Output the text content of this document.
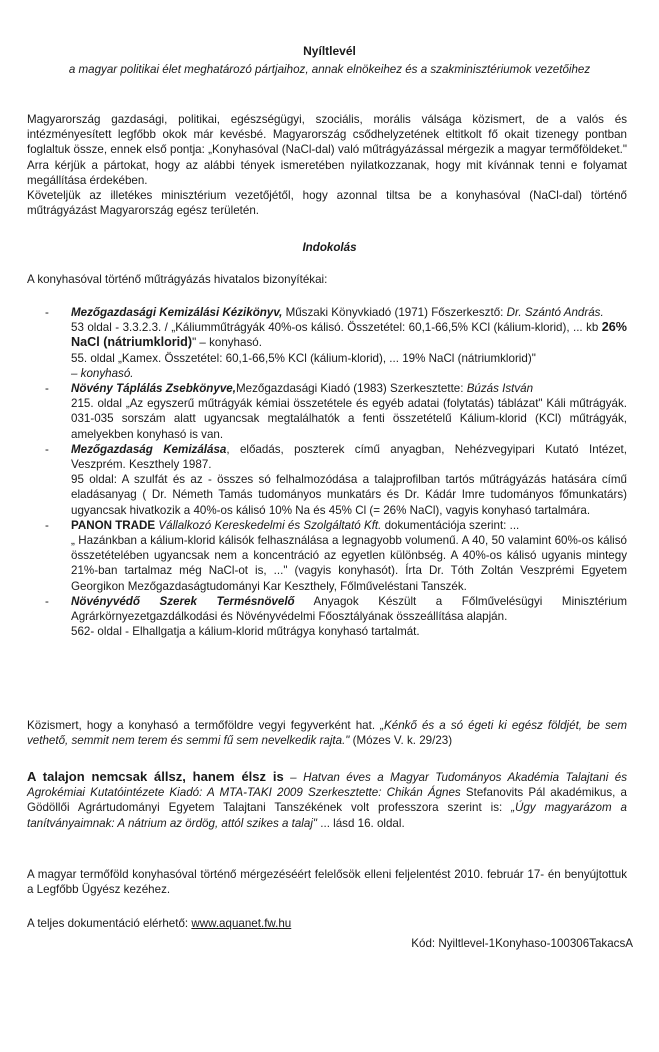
Nyíltlevél
a magyar politikai élet meghatározó pártjaihoz, annak elnökeihez és a szakminisztériumok vezetőihez

Magyarország gazdasági, politikai, egészségügyi, szociális, morális válsága közismert, de a valós és intézményesített legfőbb okok már kevésbé. Magyarország csődhelyzetének eltitkolt fő okait tizenegy pontban foglaltuk össze, ennek első pontja: „Konyhasóval (NaCl-dal) való műtrágyázással mérgezik a magyar termőföldeket." Arra kérjük a pártokat, hogy az alábbi tények ismeretében nyilatkozzanak, hogy mit kívánnak tenni e folyamat megállítása érdekében.

Követeljük az illetékes minisztérium vezetőjétől, hogy azonnal tiltsa be a konyhasóval (NaCl-dal) történő műtrágyázást Magyarország egész területén.

Indokolás
A konyhasóval történő műtrágyázás hivatalos bizonyítékai:
- Mezőgazdasági Kemizálási Kézikönyv, Műszaki Könyvkiadó (1971) Főszerkesztő: Dr. Szántó András.
53 oldal - 3.3.2.3. / „Káliumműtrágyák 40%-os kálisó. Összetétel: 60,1-66,5% KCl (kálium-klorid), ... kb 26% NaCl (nátriumklorid)" – konyhasó.
55. oldal „Kamex. Összetétel: 60,1-66,5% KCl (kálium-klorid), ... 19% NaCl (nátriumklorid)"
– konyhasó.
- Növény Táplálás Zsebkönyve,Mezőgazdasági Kiadó (1983) Szerkesztette: Búzás István
215. oldal „Az egyszerű műtrágyák kémiai összetétele és egyéb adatai (folytatás) táblázat" Káli műtrágyák. 031-035 sorszám alatt ugyancsak megtalálhatók a fenti összetételű Kálium-klorid (KCl) műtrágyák, amelyekben konyhasó is van.
- Mezőgazdaság Kemizálása, előadás, poszterek című anyagban, Nehézvegyipari Kutató Intézet, Veszprém. Keszthely 1987.
95 oldal: A szulfát és az - összes só felhalmozódása a talajprofilban tartós műtrágyázás hatására című eladásanyag ( Dr. Németh Tamás tudományos munkatárs és Dr. Kádár Imre tudományos főmunkatárs) ugyancsak hivatkozik a 40%-os kálisó 10% Na és 45% Cl (= 26% NaCl), vagyis konyhasó tartalmára.
- PANON TRADE Vállalkozó Kereskedelmi és Szolgáltató Kft. dokumentációja szerint: ...
„ Hazánkban a kálium-klorid kálisók felhasználása a legnagyobb volumenű. A 40, 50 valamint 60%-os kálisó összetételében ugyancsak nem a koncentráció az egyetlen különbség. A 40%-os kálisó ugyanis mintegy 21%-ban tartalmaz még NaCl-ot is, ..." (vagyis konyhasót). Írta Dr. Tóth Zoltán Veszprémi Egyetem Georgikon Mezőgazdaságtudományi Kar Keszthely, Főlműveléstani Tanszék.
- Növényvédő Szerek Termésnövelő Anyagok Készült a Főlművelésügyi Minisztérium Agrárkörnyezetgazdálkodási és Növényvédelmi Főosztályának összeállítása alapján.
562- oldal - Elhallgatja a kálium-klorid műtrágya konyhasó tartalmát.
Közismert, hogy a konyhasó a termőföldre vegyi fegyverként hat. „Kénkő és a só égeti ki egész földjét, be sem vethető, semmit nem terem és semmi fű sem nevelkedik rajta." (Mózes V. k. 29/23)
A talajon nemcsak állsz, hanem élsz is – Hatvan éves a Magyar Tudományos Akadémia Talajtani és Agrokémiai Kutatóintézete Kiadó: A MTA-TAKI 2009 Szerkesztette: Chikán Ágnes Stefanovits Pál akadémikus, a Gödöllői Agrártudományi Egyetem Talajtani Tanszékének volt professzora szerint is: „Úgy magyarázom a tanítványaimnak: A nátrium az ördög, attól szikes a talaj" ... lásd 16. oldal.
A magyar termőföld konyhasóval történő mérgezéséért felelősök elleni feljelentést 2010. február 17- én benyújtottuk a Legfőbb Ügyész kezéhez.
A teljes dokumentáció elérhető: www.aquanet.fw.hu
Kód: Nyiltlevel-1Konyhaso-100306TakacsA
